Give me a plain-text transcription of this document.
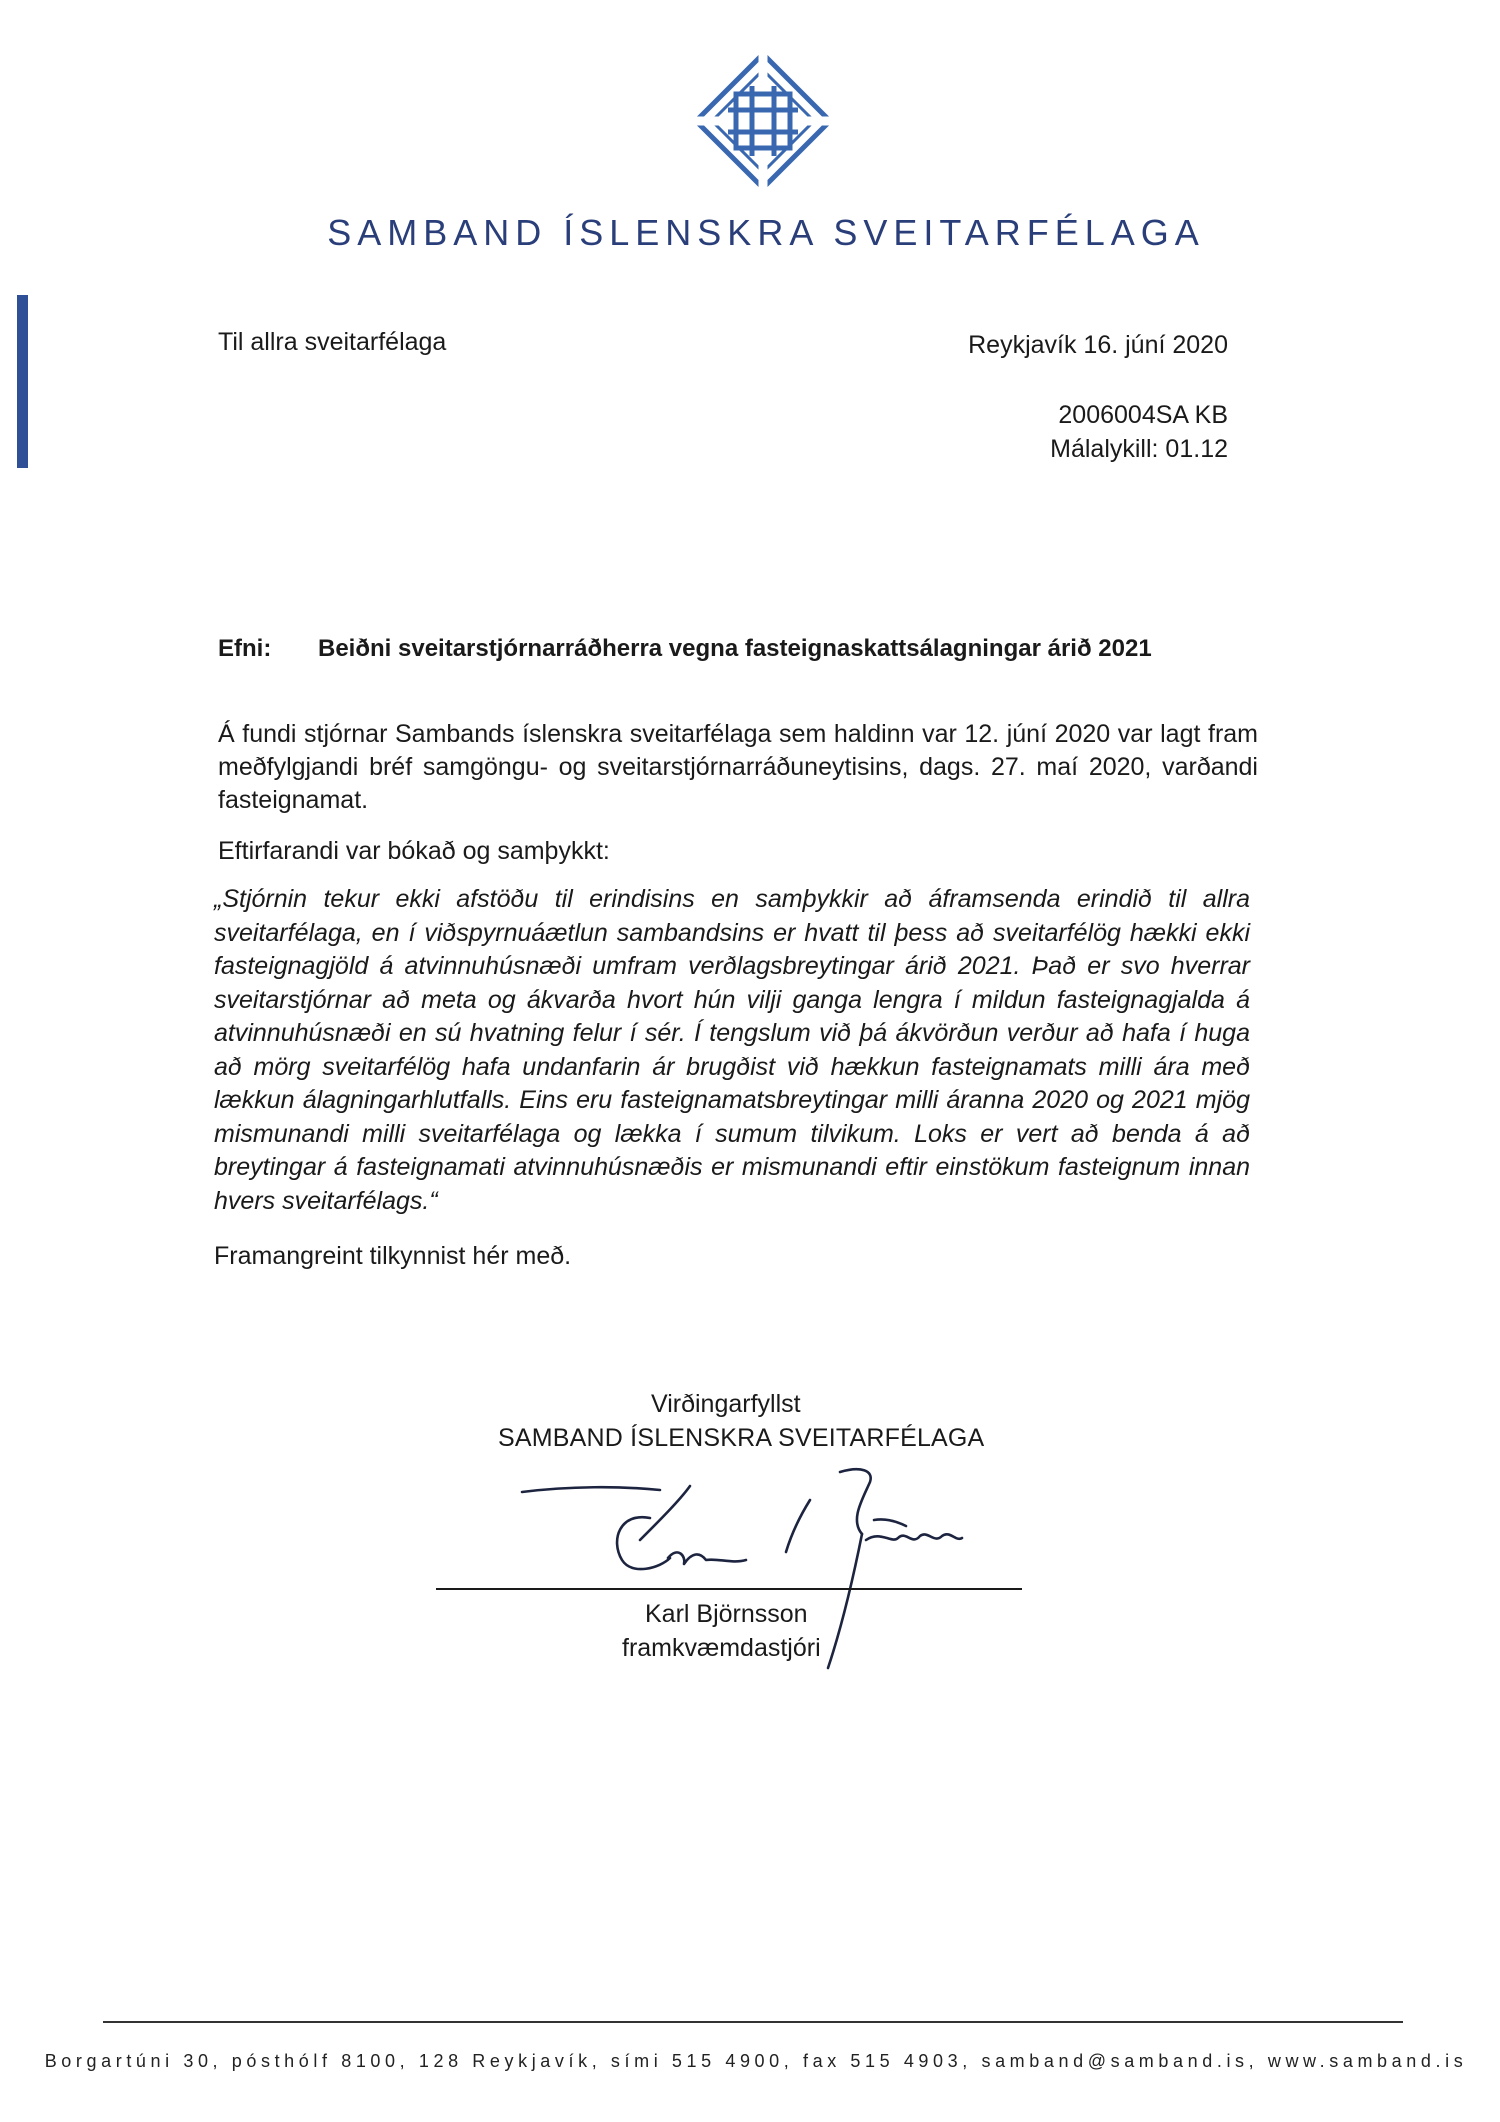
SAMBAND ÍSLENSKRA SVEITARFÉLAGA
Til allra sveitarfélaga	Reykjavík 16. júní 2020
2006004SA KB
Málalykill: 01.12
Efni: Beiðni sveitarstjórnarráðherra vegna fasteignaskattsálagningar árið 2021
Á fundi stjórnar Sambands íslenskra sveitarfélaga sem haldinn var 12. júní 2020 var lagt fram meðfylgjandi bréf samgöngu- og sveitarstjórnarráðuneytisins, dags. 27. maí 2020, varðandi fasteignamat.
Eftirfarandi var bókað og samþykkt:
„Stjórnin tekur ekki afstöðu til erindisins en samþykkir að áframsenda erindið til allra sveitarfélaga, en í viðspyrnuáætlun sambandsins er hvatt til þess að sveitarfélög hækki ekki fasteignagjöld á atvinnuhúsnæði umfram verðlagsbreytingar árið 2021. Það er svo hverrar sveitarstjórnar að meta og ákvarða hvort hún vilji ganga lengra í mildun fasteignagjalda á atvinnuhúsnæði en sú hvatning felur í sér. Í tengslum við þá ákvörðun verður að hafa í huga að mörg sveitarfélög hafa undanfarin ár brugðist við hækkun fasteignamats milli ára með lækkun álagningarhlutfalls. Eins eru fasteignamatsbreytingar milli áranna 2020 og 2021 mjög mismunandi milli sveitarfélaga og lækka í sumum tilvikum. Loks er vert að benda á að breytingar á fasteignamati atvinnuhúsnæðis er mismunandi eftir einstökum fasteignum innan hvers sveitarfélags.“
Framangreint tilkynnist hér með.
Virðingarfyllst
SAMBAND ÍSLENSKRA SVEITARFÉLAGA
Karl Björnsson
framkvæmdastjóri
Borgartúni 30, pósthólf 8100, 128 Reykjavík, sími 515 4900, fax 515 4903, samband@samband.is, www.samband.is
